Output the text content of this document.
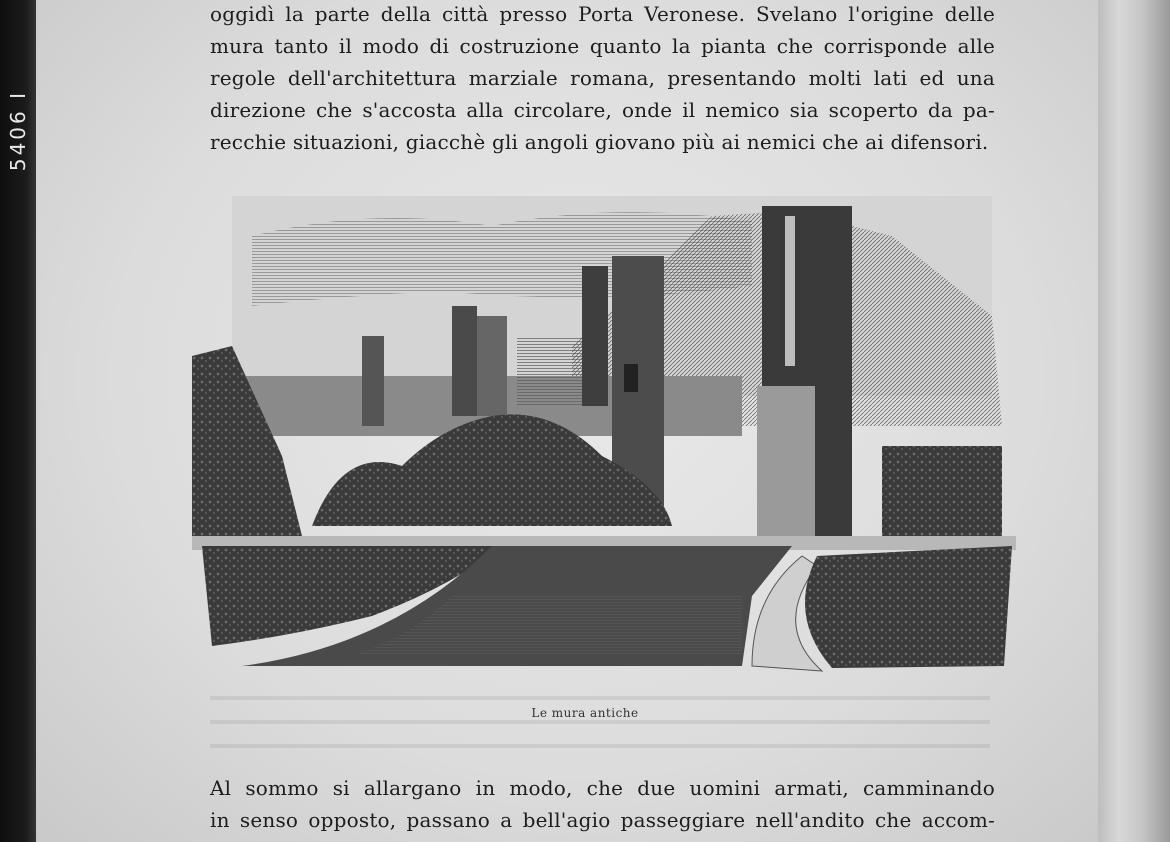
5406 I
oggidì la parte della città presso Porta Veronese. Svelano l'origine delle
mura tanto il modo di costruzione quanto la pianta che corrisponde alle
regole dell'architettura marziale romana, presentando molti lati ed una
direzione che s'accosta alla circolare, onde il nemico sia scoperto da pa-
recchie situazioni, giacchè gli angoli giovano più ai nemici che ai difensori.
Le mura antiche
Al sommo si allargano in modo, che due uomini armati, camminando
in senso opposto, passano a bell'agio passeggiare nell'andito che accom-
